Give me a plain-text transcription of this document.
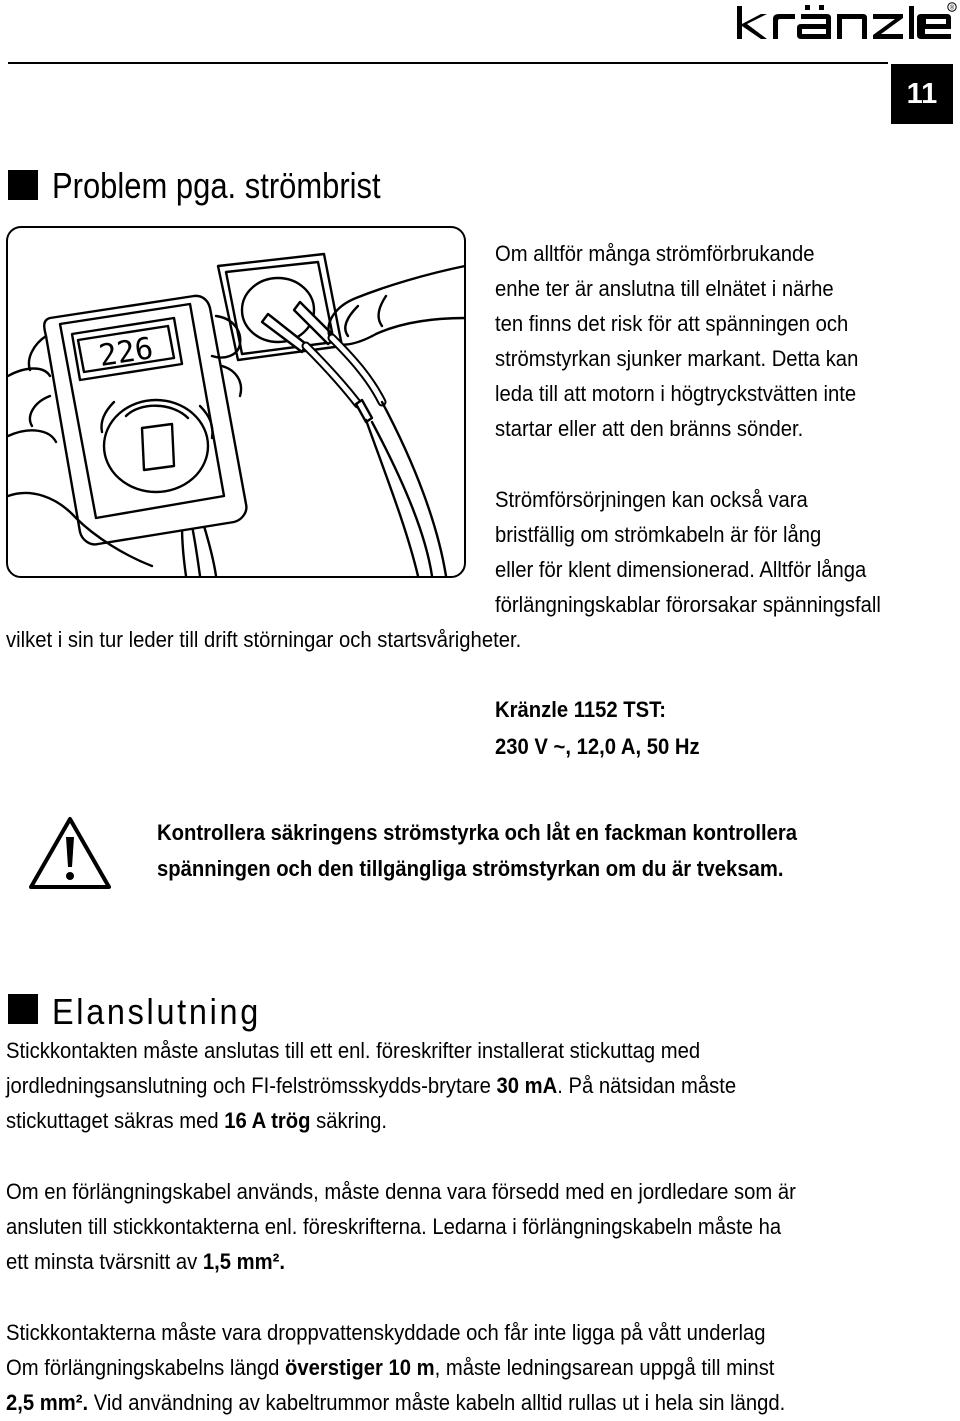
®
11
Problem pga. strömbrist
226
Om alltför många strömförbrukande
enhe ter är anslutna till elnätet i närhe
ten finns det risk för att spänningen och
strömstyrkan sjunker markant. Detta kan
leda till att motorn i högtryckstvätten inte
startar eller att den bränns sönder.
Strömförsörjningen kan också vara
bristfällig om strömkabeln är för lång
eller för klent dimensionerad. Alltför långa
förlängningskablar förorsakar spänningsfall
vilket i sin tur leder till drift störningar och startsvårigheter.
Kränzle 1152 TST:
230 V ~, 12,0 A, 50 Hz
Kontrollera säkringens strömstyrka och låt en fackman kontrollera
spänningen och den tillgängliga strömstyrkan om du är tveksam.
Elanslutning
Stickkontakten måste anslutas till ett enl. föreskrifter installerat stickuttag med
jordledningsanslutning och FI-felströmsskydds-brytare 30 mA. På nätsidan måste
stickuttaget säkras med 16 A trög säkring.
Om en förlängningskabel används, måste denna vara försedd med en jordledare som är
ansluten till stickkontakterna enl. föreskrifterna. Ledarna i förlängningskabeln måste ha
ett minsta tvärsnitt av 1,5 mm².
Stickkontakterna måste vara droppvattenskyddade och får inte ligga på vått underlag
Om förlängningskabelns längd överstiger 10 m, måste ledningsarean uppgå till minst
2,5 mm². Vid användning av kabeltrummor måste kabeln alltid rullas ut i hela sin längd.
